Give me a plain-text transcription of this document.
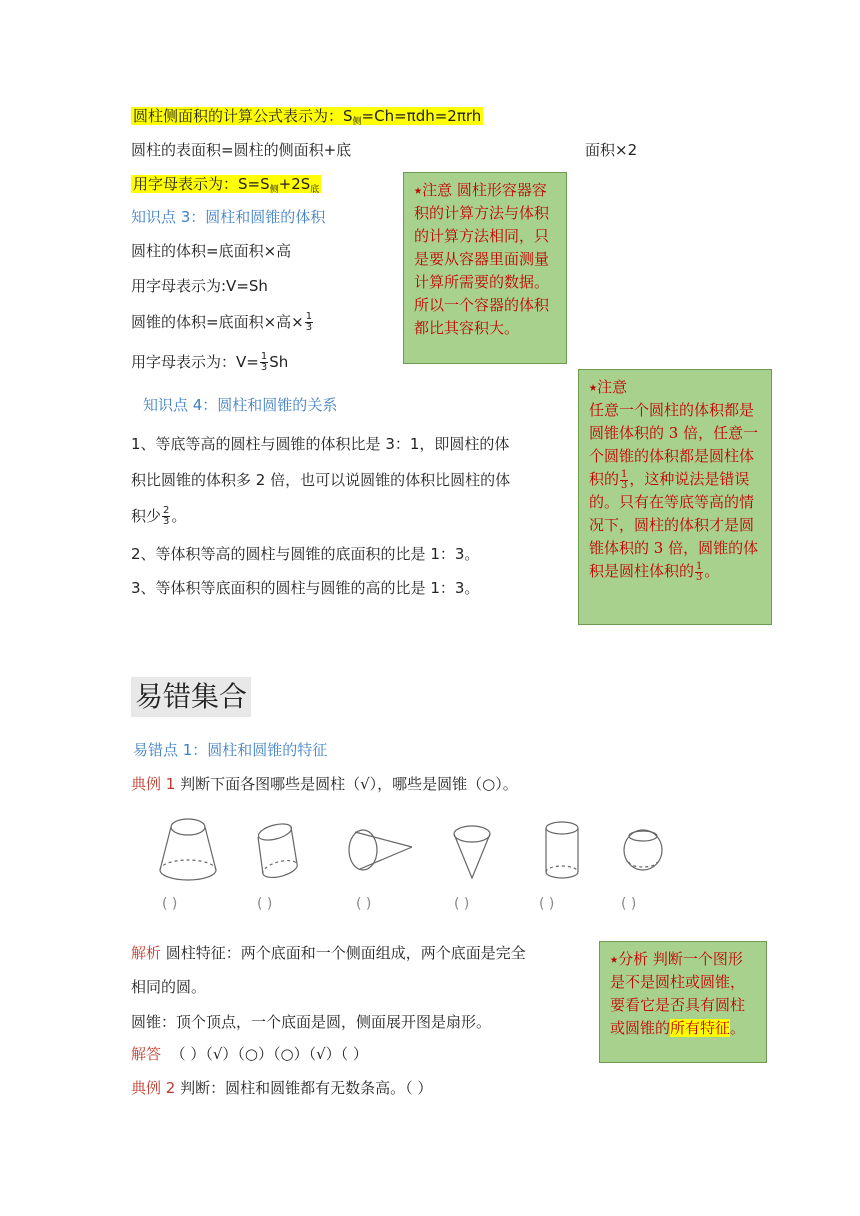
圆柱侧面积的计算公式表示为：$S_侧=Ch=\pi dh=2\pi rh$
圆柱的表面积=圆柱的侧面积+底	面积×2
用字母表示为：$S=S_侧+2S_底$
知识点 3：圆柱和圆锥的体积
圆柱的体积=底面积×高
用字母表示为:V=Sh
圆锥的体积=底面积×高× $\frac{1}{3}$
用字母表示为：$V= \frac{1}{3}$ Sh
⭑注意 圆柱形容器容积的计算方法与体积的计算方法相同，只是要从容器里面测量计算所需要的数据。所以一个容器的体积都比其容积大。
知识点 4：圆柱和圆锥的关系
1、等底等高的圆柱与圆锥的体积比是 3：1，即圆柱的体
积比圆锥的体积多 2 倍，也可以说圆锥的体积比圆柱的体
积少 $\frac{2}{3}$ 。
2、等体积等高的圆柱与圆锥的底面积的比是 1：3。
3、等体积等底面积的圆柱与圆锥的高的比是 1：3。
⭑注意
任意一个圆柱的体积都是圆锥体积的 3 倍，任意一个圆锥的体积都是圆柱体积的 $\frac{1}{3}$ ，这种说法是错误的。只有在等底等高的情况下，圆柱的体积才是圆锥体积的 3 倍，圆锥的体积是圆柱体积的 $\frac{1}{3}$ 。
易错集合
易错点 1：圆柱和圆锥的特征
典例 1 判断下面各图哪些是圆柱（√），哪些是圆锥（○）。
( )	( )	( )	( )	( )	( )
解析 圆柱特征：两个底面和一个侧面组成，两个底面是完全
相同的圆。
圆锥：顶个顶点，一个底面是圆，侧面展开图是扇形。
解答 （ ）（√）（○）（○）（√）（ ）
典例 2 判断：圆柱和圆锥都有无数条高。（ ）
⭑分析 判断一个图形是不是圆柱或圆锥，要看它是否具有圆柱或圆锥的所有特征。
